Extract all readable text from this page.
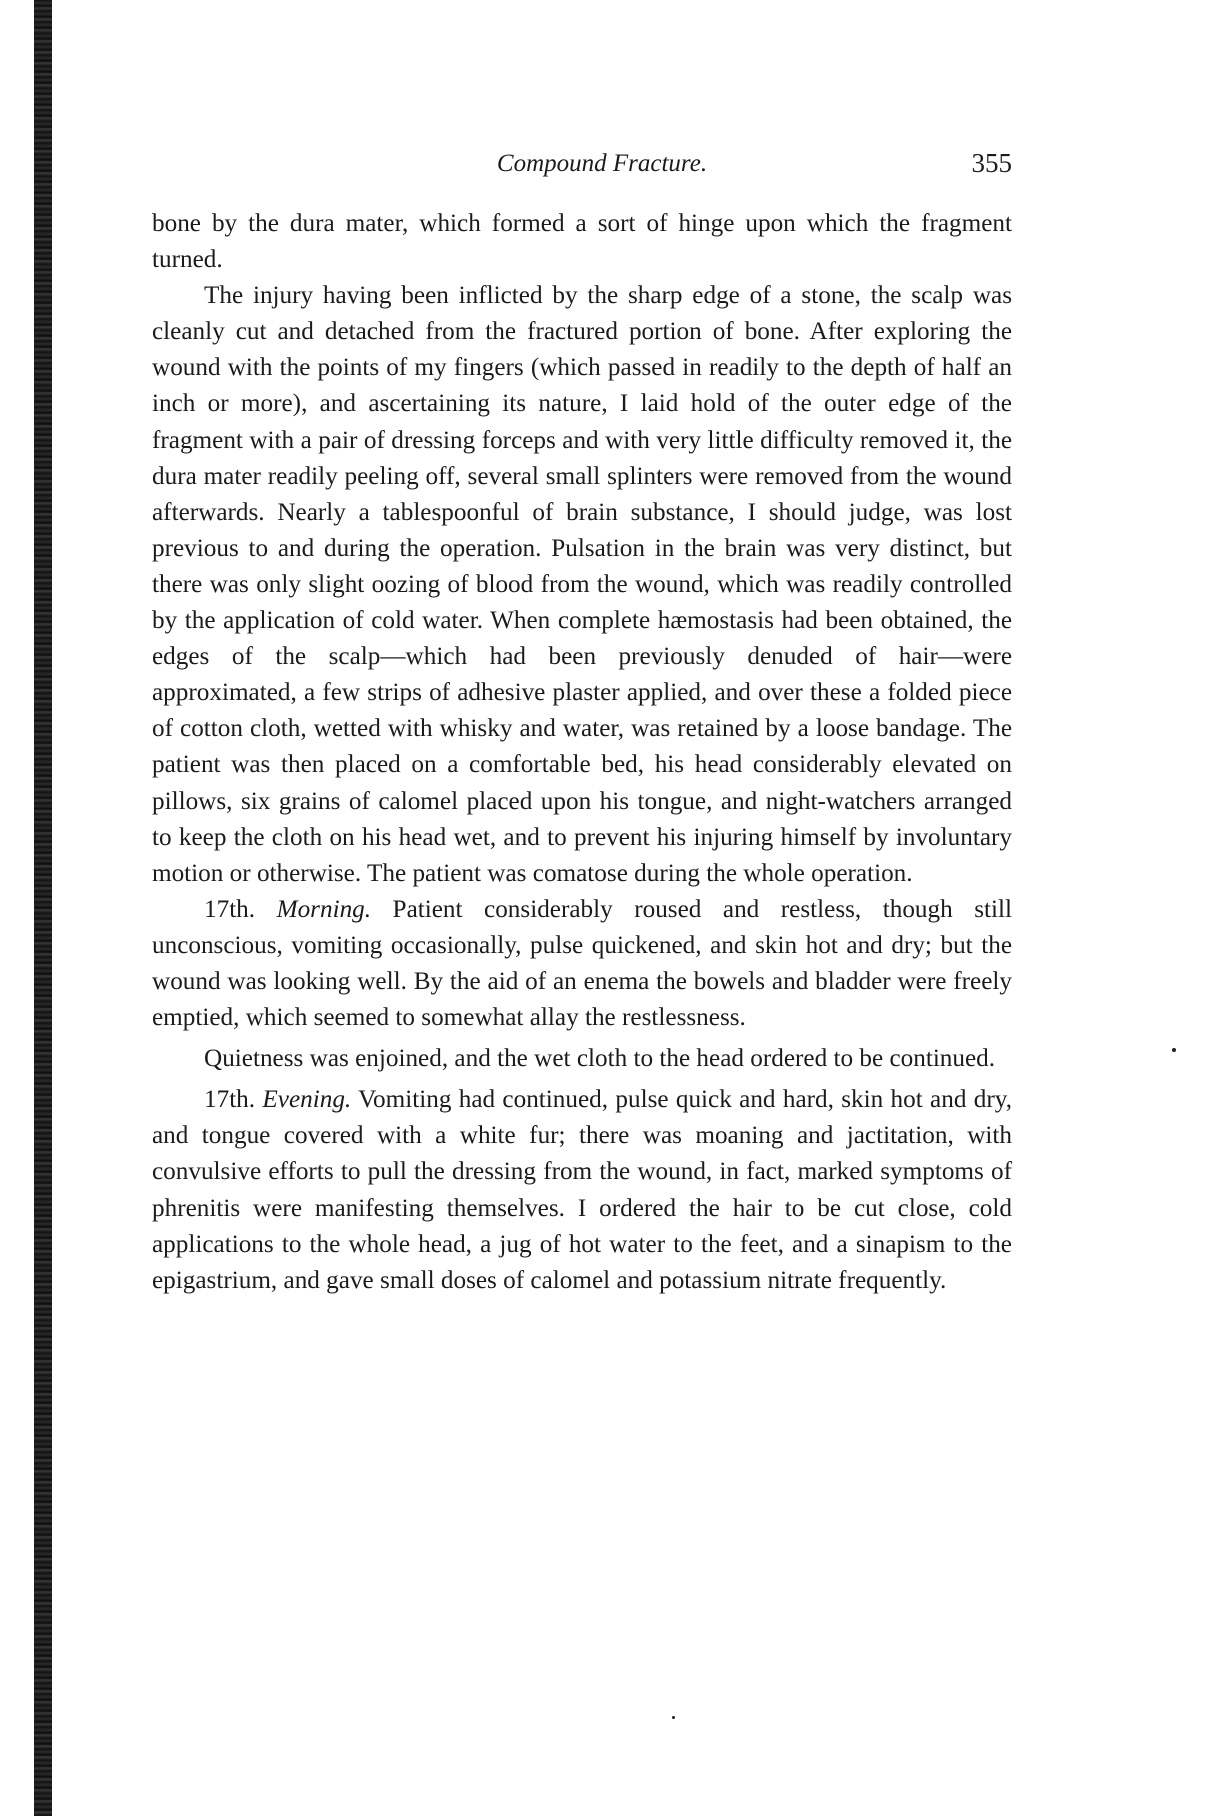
Compound Fracture.	355

bone by the dura mater, which formed a sort of hinge upon which the fragment turned.

The injury having been inflicted by the sharp edge of a stone, the scalp was cleanly cut and detached from the fractured portion of bone. After exploring the wound with the points of my fingers (which passed in readily to the depth of half an inch or more), and ascertaining its nature, I laid hold of the outer edge of the fragment with a pair of dressing forceps and with very little difficulty removed it, the dura mater readily peeling off, several small splinters were removed from the wound afterwards. Nearly a tablespoonful of brain substance, I should judge, was lost previous to and during the operation. Pulsation in the brain was very distinct, but there was only slight oozing of blood from the wound, which was readily controlled by the application of cold water. When complete hæmostasis had been obtained, the edges of the scalp—which had been previously denuded of hair—were approximated, a few strips of adhesive plaster applied, and over these a folded piece of cotton cloth, wetted with whisky and water, was retained by a loose bandage. The patient was then placed on a comfortable bed, his head considerably elevated on pillows, six grains of calomel placed upon his tongue, and night-watchers arranged to keep the cloth on his head wet, and to prevent his injuring himself by involuntary motion or otherwise. The patient was comatose during the whole operation.

17th. Morning. Patient considerably roused and restless, though still unconscious, vomiting occasionally, pulse quickened, and skin hot and dry; but the wound was looking well. By the aid of an enema the bowels and bladder were freely emptied, which seemed to somewhat allay the restlessness.

Quietness was enjoined, and the wet cloth to the head ordered to be continued.

17th. Evening. Vomiting had continued, pulse quick and hard, skin hot and dry, and tongue covered with a white fur; there was moaning and jactitation, with convulsive efforts to pull the dressing from the wound, in fact, marked symptoms of phrenitis were manifesting themselves. I ordered the hair to be cut close, cold applications to the whole head, a jug of hot water to the feet, and a sinapism to the epigastrium, and gave small doses of calomel and potassium nitrate frequently.
